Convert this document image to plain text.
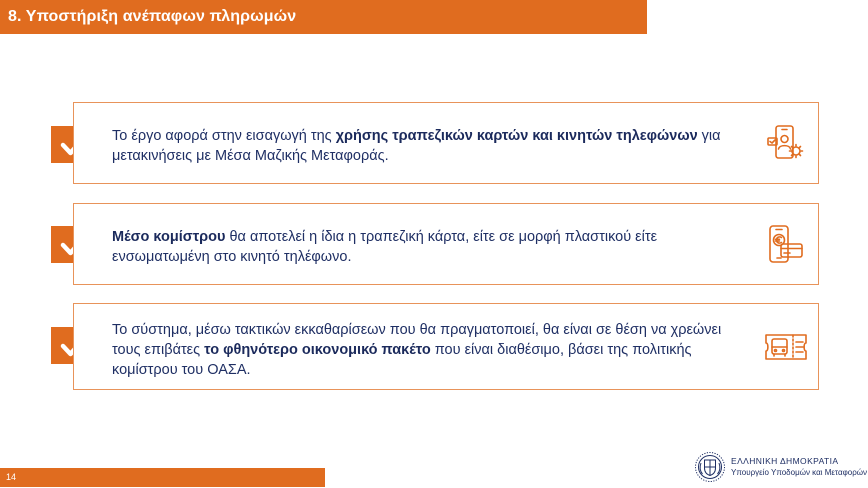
8. Υποστήριξη ανέπαφων πληρωμών
Το έργο αφορά στην εισαγωγή της χρήσης τραπεζικών καρτών και κινητών τηλεφώνων για μετακινήσεις με Μέσα Μαζικής Μεταφοράς.
Μέσο κομίστρου θα αποτελεί η ίδια η τραπεζική κάρτα, είτε σε μορφή πλαστικού είτε ενσωματωμένη στο κινητό τηλέφωνο.
Το σύστημα, μέσω τακτικών εκκαθαρίσεων που θα πραγματοποιεί, θα είναι σε θέση να χρεώνει τους επιβάτες το φθηνότερο οικονομικό πακέτο που είναι διαθέσιμο, βάσει της πολιτικής κομίστρου του ΟΑΣΑ.
14
ΕΛΛΗΝΙΚΗ ΔΗΜΟΚΡΑΤΙΑ
Υπουργείο Υποδομών και Μεταφορών
